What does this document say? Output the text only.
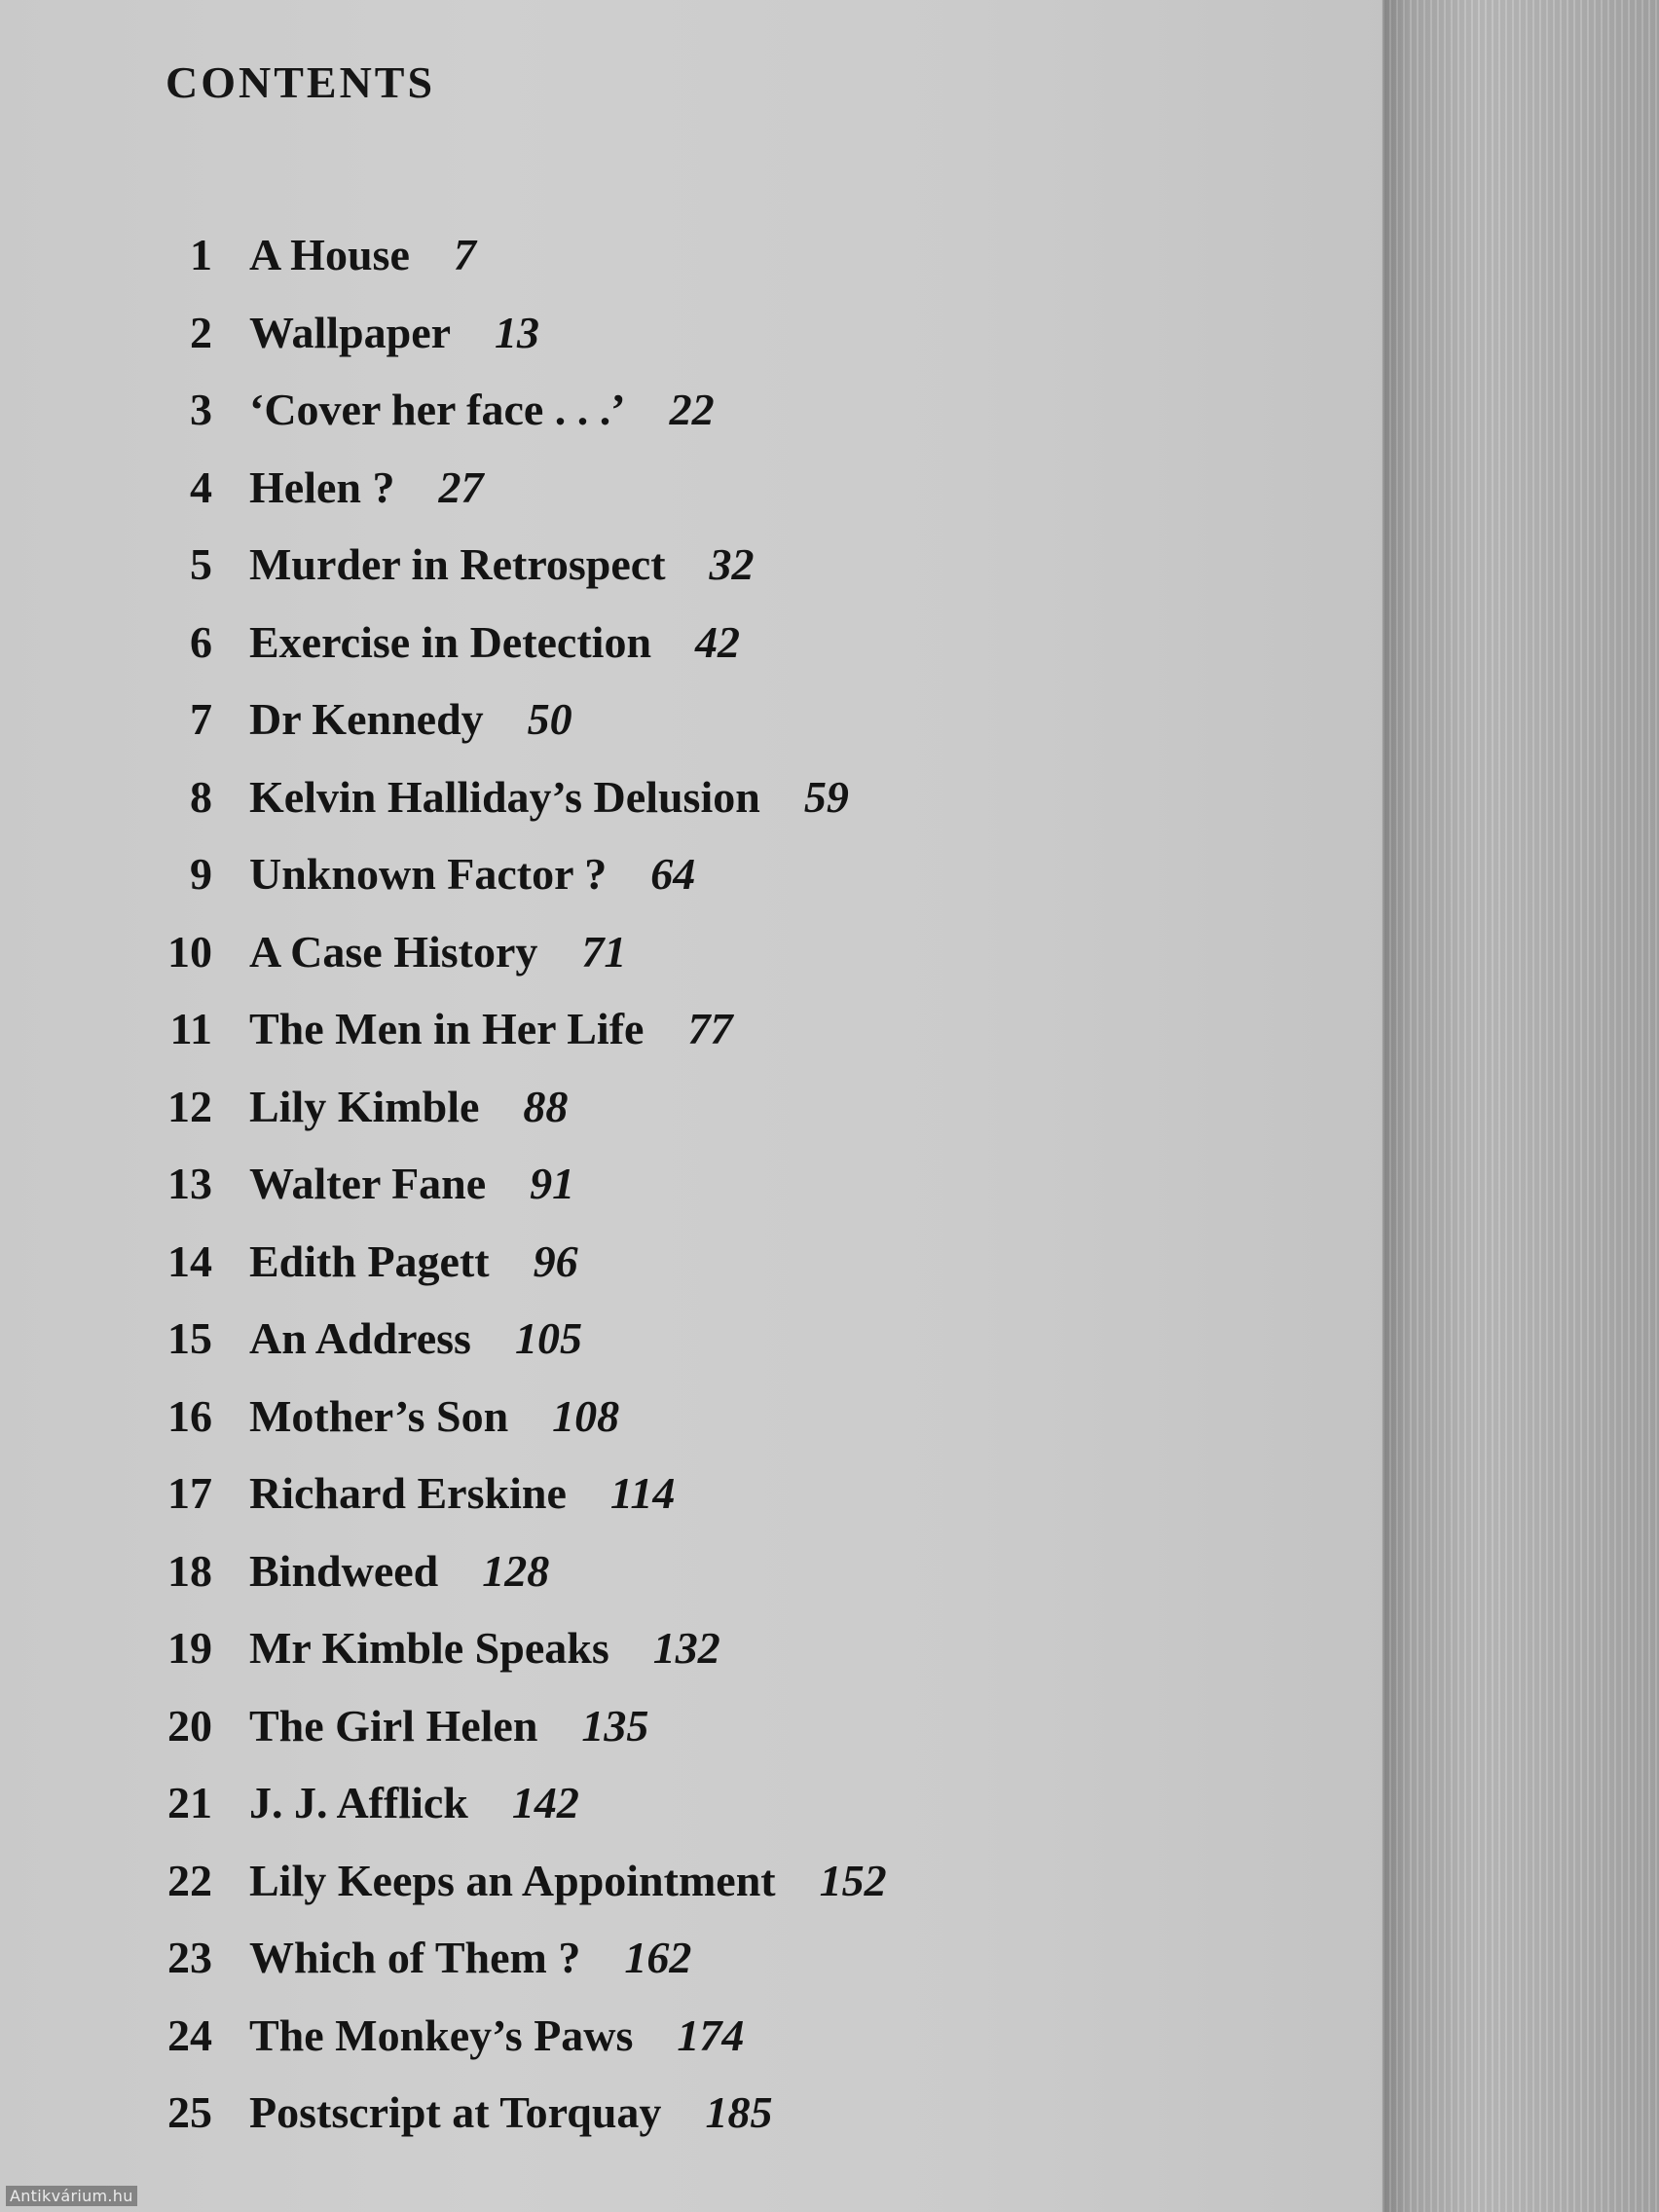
CONTENTS
1 A House 7
2 Wallpaper 13
3 ‘Cover her face . . .’ 22
4 Helen ? 27
5 Murder in Retrospect 32
6 Exercise in Detection 42
7 Dr Kennedy 50
8 Kelvin Halliday’s Delusion 59
9 Unknown Factor ? 64
10 A Case History 71
11 The Men in Her Life 77
12 Lily Kimble 88
13 Walter Fane 91
14 Edith Pagett 96
15 An Address 105
16 Mother’s Son 108
17 Richard Erskine 114
18 Bindweed 128
19 Mr Kimble Speaks 132
20 The Girl Helen 135
21 J. J. Afflick 142
22 Lily Keeps an Appointment 152
23 Which of Them ? 162
24 The Monkey’s Paws 174
25 Postscript at Torquay 185
Antikvárium.hu
